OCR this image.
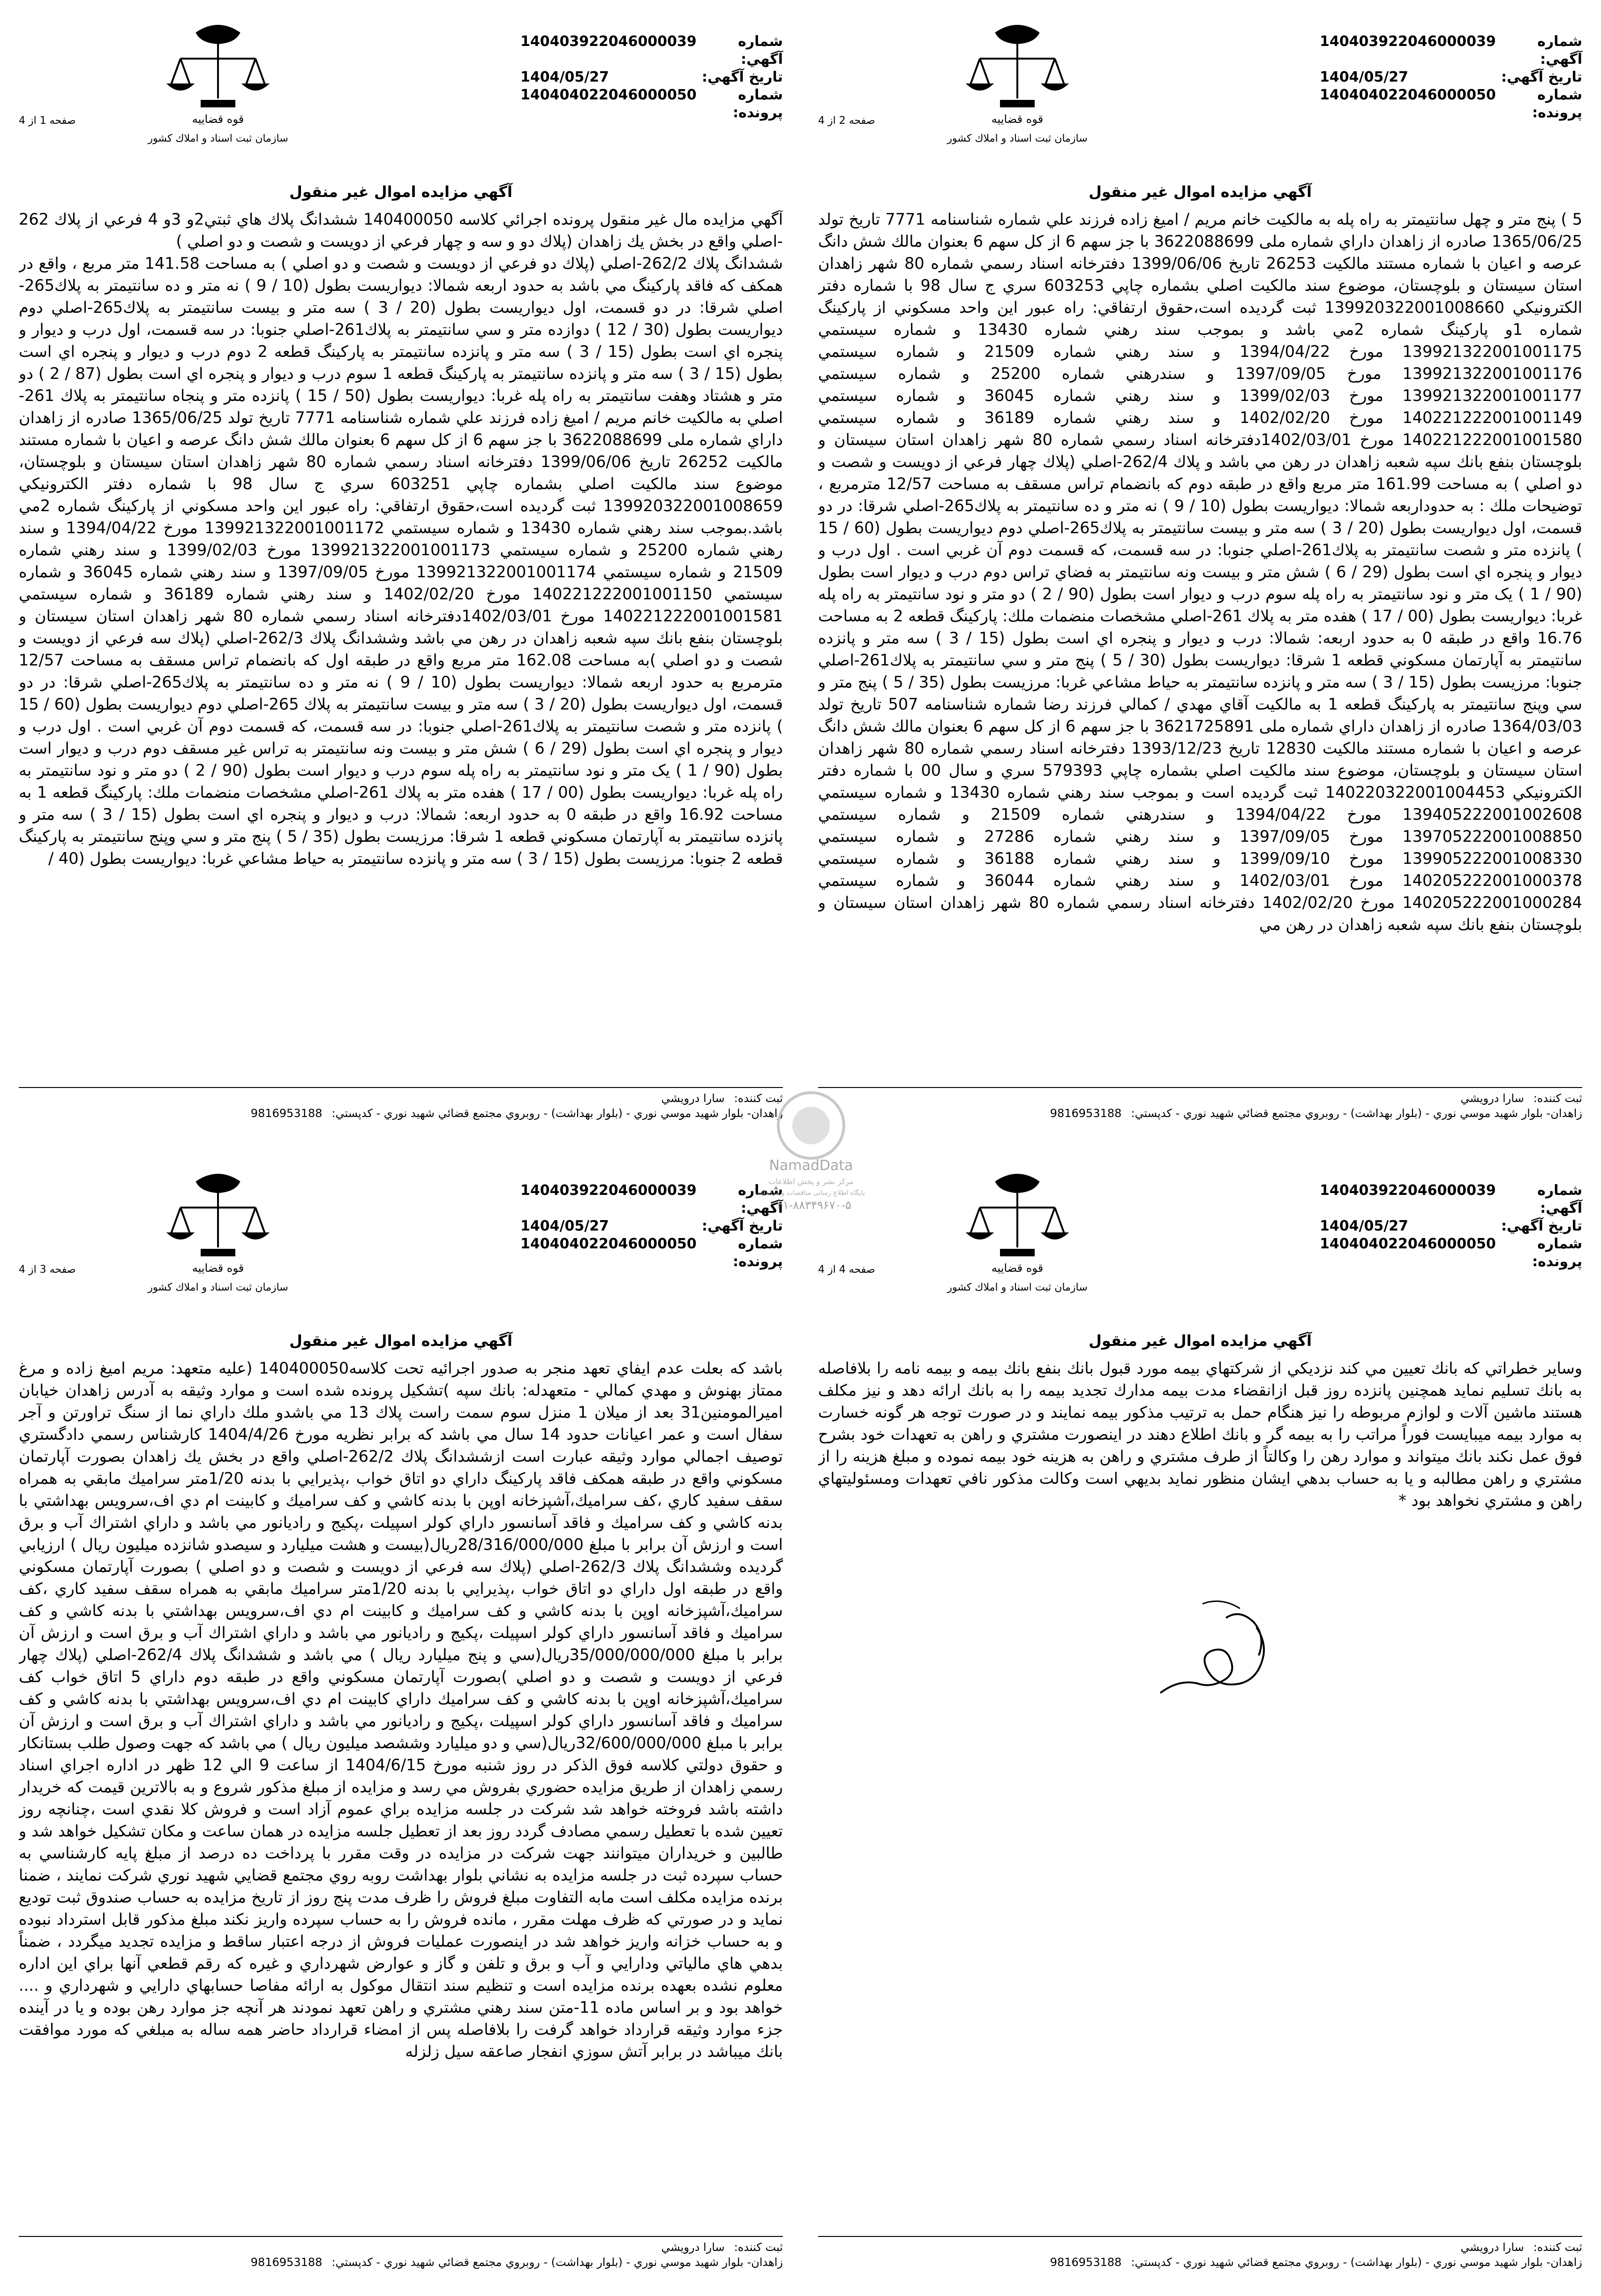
شماره آگهي:
140403922046000039
تاريخ آگهي:
1404/05/27
شماره پرونده:
140404022046000050
قوه قضاييه
سازمان ثبت اسناد و املاك كشور
صفحه 2 از 4
آگهي مزايده اموال غير منقول
5 ) پنج متر و چهل سانتيمتر به راه پله به مالكيت خانم مريم / امیغ زاده فرزند علي شماره شناسنامه 7771 تاريخ تولد 1365/06/25 صادره از زاهدان داراي شماره ملی 3622088699 با جز سهم 6 از كل سهم 6 بعنوان مالك شش دانگ عرصه و اعيان با شماره مستند مالكيت 26253 تاريخ 1399/06/06 دفترخانه اسناد رسمي شماره 80 شهر زاهدان استان سيستان و بلوچستان، موضوع سند مالكيت اصلي بشماره چاپي 603253 سري ج سال 98 با شماره دفتر الكترونيكي 139920322001008660 ثبت گرديده است،حقوق ارتفاقي: راه عبور اين واحد مسكوني از پاركينگ شماره 1و پاركينگ شماره 2مي باشد و بموجب سند رهني شماره 13430 و شماره سيستمي 139921322001001175 مورخ 1394/04/22 و سند رهني شماره 21509 و شماره سيستمي 139921322001001176 مورخ 1397/09/05 و سندرهني شماره 25200 و شماره سيستمي 139921322001001177 مورخ 1399/02/03 و سند رهني شماره 36045 و شماره سيستمي 140221222001001149 مورخ 1402/02/20 و سند رهني شماره 36189 و شماره سيستمي 140221222001001580 مورخ 1402/03/01دفترخانه اسناد رسمي شماره 80 شهر زاهدان استان سيستان و بلوچستان بنفع بانك سپه شعبه زاهدان در رهن مي باشد و پلاك 262/4-اصلي (پلاك چهار فرعي از دويست و شصت و دو اصلي ) به مساحت 161.99 متر مربع واقع در طبقه دوم كه بانضمام تراس مسقف به مساحت 12/57 مترمربع ، توضيحات ملك : به حدوداربعه شمالا: ديواريست بطول (10 / 9 ) نه متر و ده سانتيمتر به پلاك265-اصلي شرقا: در دو قسمت، اول ديواريست بطول (20 / 3 ) سه متر و بيست سانتيمتر به پلاك265-اصلي دوم ديواريست بطول (60 / 15 ) پانزده متر و شصت سانتيمتر به پلاك261-اصلي جنوبا: در سه قسمت، كه قسمت دوم آن غربي است . اول درب و ديوار و پنجره اي است بطول (29 / 6 ) شش متر و بيست ونه سانتيمتر به فضاي تراس دوم درب و ديوار است بطول (90 / 1 ) يک متر و نود سانتيمتر به راه پله سوم درب و ديوار است بطول (90 / 2 ) دو متر و نود سانتيمتر به راه پله غربا: ديواريست بطول (00 / 17 ) هفده متر به پلاك 261-اصلي مشخصات منضمات ملك: پاركينگ قطعه 2 به مساحت 16.76 واقع در طبقه 0 به حدود اربعه: شمالا: درب و ديوار و پنجره اي است بطول (15 / 3 ) سه متر و پانزده سانتيمتر به آپارتمان مسكوني قطعه 1 شرقا: ديواريست بطول (30 / 5 ) پنج متر و سي سانتيمتر به پلاك261-اصلي جنوبا: مرزيست بطول (15 / 3 ) سه متر و پانزده سانتيمتر به حياط مشاعي غربا: مرزيست بطول (35 / 5 ) پنج متر و سي وپنج سانتيمتر به پاركينگ قطعه 1 به مالكيت آقاي مهدي / كمالي فرزند رضا شماره شناسنامه 507 تاريخ تولد 1364/03/03 صادره از زاهدان داراي شماره ملی 3621725891 با جز سهم 6 از كل سهم 6 بعنوان مالك شش دانگ عرصه و اعيان با شماره مستند مالكيت 12830 تاريخ 1393/12/23 دفترخانه اسناد رسمي شماره 80 شهر زاهدان استان سيستان و بلوچستان، موضوع سند مالكيت اصلي بشماره چاپي 579393 سري و سال 00 با شماره دفتر الكترونيكي 140220322001004453 ثبت گرديده است و بموجب سند رهني شماره 13430 و شماره سيستمي 139405222001002608 مورخ 1394/04/22 و سندرهني شماره 21509 و شماره سيستمي 139705222001008850 مورخ 1397/09/05 و سند رهني شماره 27286 و شماره سيستمي 139905222001008330 مورخ 1399/09/10 و سند رهني شماره 36188 و شماره سيستمي 140205222001000378 مورخ 1402/03/01 و سند رهني شماره 36044 و شماره سيستمي 140205222001000284 مورخ 1402/02/20 دفترخانه اسناد رسمي شماره 80 شهر زاهدان استان سيستان و بلوچستان بنفع بانك سپه شعبه زاهدان در رهن مي
ثبت كننده:
سارا درويشي
زاهدان- بلوار شهيد موسي نوري - (بلوار بهداشت) - روبروي مجتمع قضائي شهيد نوري - كدپستي:
9816953188
شماره آگهي:
140403922046000039
تاريخ آگهي:
1404/05/27
شماره پرونده:
140404022046000050
قوه قضاييه
سازمان ثبت اسناد و املاك كشور
صفحه 1 از 4
آگهي مزايده اموال غير منقول
آگهي مزايده مال غير منقول پرونده اجرائي كلاسه 140400050 ششدانگ پلاك هاي ثبتي2و 3و 4 فرعي از پلاك 262 -اصلي واقع در بخش يك زاهدان (پلاك دو و سه و چهار فرعي از دويست و شصت و دو اصلي )
ششدانگ پلاك 262/2-اصلي (پلاك دو فرعي از دويست و شصت و دو اصلي ) به مساحت 141.58 متر مربع ، واقع در همكف كه فاقد پاركينگ مي باشد به حدود اربعه شمالا: ديواريست بطول (10 / 9 ) نه متر و ده سانتيمتر به پلاك265-اصلي شرقا: در دو قسمت، اول ديواريست بطول (20 / 3 ) سه متر و بيست سانتيمتر به پلاك265-اصلي دوم ديواريست بطول (30 / 12 ) دوازده متر و سي سانتيمتر به پلاك261-اصلي جنوبا: در سه قسمت، اول درب و ديوار و پنجره اي است بطول (15 / 3 ) سه متر و پانزده سانتيمتر به پاركينگ قطعه 2 دوم درب و ديوار و پنجره اي است بطول (15 / 3 ) سه متر و پانزده سانتيمتر به پاركينگ قطعه 1 سوم درب و ديوار و پنجره اي است بطول (87 / 2 ) دو متر و هشتاد وهفت سانتيمتر به راه پله غربا: ديواريست بطول (50 / 15 ) پانزده متر و پنجاه سانتيمتر به پلاك 261-اصلي به مالكيت خانم مريم / امیغ زاده فرزند علي شماره شناسنامه 7771 تاريخ تولد 1365/06/25 صادره از زاهدان داراي شماره ملی 3622088699 با جز سهم 6 از كل سهم 6 بعنوان مالك شش دانگ عرصه و اعيان با شماره مستند مالكيت 26252 تاريخ 1399/06/06 دفترخانه اسناد رسمي شماره 80 شهر زاهدان استان سيستان و بلوچستان، موضوع سند مالكيت اصلي بشماره چاپي 603251 سري ج سال 98 با شماره دفتر الكترونيكي 139920322001008659 ثبت گرديده است،حقوق ارتفاقي: راه عبور اين واحد مسكوني از پاركينگ شماره 2مي باشد.بموجب سند رهني شماره 13430 و شماره سيستمي 139921322001001172 مورخ 1394/04/22 و سند رهني شماره 25200 و شماره سيستمي 139921322001001173 مورخ 1399/02/03 و سند رهني شماره 21509 و شماره سيستمي 139921322001001174 مورخ 1397/09/05 و سند رهني شماره 36045 و شماره سيستمي 140221222001001150 مورخ 1402/02/20 و سند رهني شماره 36189 و شماره سيستمي 140221222001001581 مورخ 1402/03/01دفترخانه اسناد رسمي شماره 80 شهر زاهدان استان سيستان و بلوچستان بنفع بانك سپه شعبه زاهدان در رهن مي باشد وششدانگ پلاك 262/3-اصلي (پلاك سه فرعي از دويست و شصت و دو اصلي )به مساحت 162.08 متر مربع واقع در طبقه اول كه بانضمام تراس مسقف به مساحت 12/57 مترمربع به حدود اربعه شمالا: ديواريست بطول (10 / 9 ) نه متر و ده سانتيمتر به پلاك265-اصلي شرقا: در دو قسمت، اول ديواريست بطول (20 / 3 ) سه متر و بيست سانتيمتر به پلاك 265-اصلي دوم ديواريست بطول (60 / 15 ) پانزده متر و شصت سانتيمتر به پلاك261-اصلي جنوبا: در سه قسمت، كه قسمت دوم آن غربي است . اول درب و ديوار و پنجره اي است بطول (29 / 6 ) شش متر و بيست ونه سانتيمتر به تراس غير مسقف دوم درب و ديوار است بطول (90 / 1 ) يک متر و نود سانتيمتر به راه پله سوم درب و ديوار است بطول (90 / 2 ) دو متر و نود سانتيمتر به راه پله غربا: ديواريست بطول (00 / 17 ) هفده متر به پلاك 261-اصلي مشخصات منضمات ملك: پاركينگ قطعه 1 به مساحت 16.92 واقع در طبقه 0 به حدود اربعه: شمالا: درب و ديوار و پنجره اي است بطول (15 / 3 ) سه متر و پانزده سانتيمتر به آپارتمان مسكوني قطعه 1 شرقا: مرزيست بطول (35 / 5 ) پنج متر و سي وپنج سانتيمتر به پاركينگ قطعه 2 جنوبا: مرزيست بطول (15 / 3 ) سه متر و پانزده سانتيمتر به حياط مشاعي غربا: ديواريست بطول (40 /
ثبت كننده:
سارا درويشي
زاهدان- بلوار شهيد موسي نوري - (بلوار بهداشت) - روبروي مجتمع قضائي شهيد نوري - كدپستي:
9816953188
شماره آگهي:
140403922046000039
تاريخ آگهي:
1404/05/27
شماره پرونده:
140404022046000050
قوه قضاييه
سازمان ثبت اسناد و املاك كشور
صفحه 4 از 4
آگهي مزايده اموال غير منقول
وساير خطراتي كه بانك تعيين مي كند نزديكي از شركتهاي بيمه مورد قبول بانك بنفع بانك بيمه و بيمه نامه را بلافاصله به بانك تسليم نمايد همچنين پانزده روز قبل ازانقضاء مدت بيمه مدارك تجديد بيمه را به بانك ارائه دهد و نيز مكلف هستند ماشين آلات و لوازم مربوطه را نيز هنگام حمل به ترتيب مذكور بيمه نمايند و در صورت توجه هر گونه خسارت به موارد بيمه ميبايست فوراً مراتب را به بيمه گر و بانك اطلاع دهند در اينصورت مشتري و راهن به تعهدات خود بشرح فوق عمل نكند بانك ميتواند و موارد رهن را وكالتاً از طرف مشتري و راهن به هزينه خود بيمه نموده و مبلغ هزينه را از مشتري و راهن مطالبه و يا به حساب بدهي ايشان منظور نمايد بديهي است وكالت مذكور نافي تعهدات ومسئوليتهاي راهن و مشتري نخواهد بود *
ثبت كننده:
سارا درويشي
زاهدان- بلوار شهيد موسي نوري - (بلوار بهداشت) - روبروي مجتمع قضائي شهيد نوري - كدپستي:
9816953188
شماره آگهي:
140403922046000039
تاريخ آگهي:
1404/05/27
شماره پرونده:
140404022046000050
قوه قضاييه
سازمان ثبت اسناد و املاك كشور
صفحه 3 از 4
آگهي مزايده اموال غير منقول
باشد كه بعلت عدم ايفاي تعهد منجر به صدور اجرائيه تحت كلاسه140400050 (عليه متعهد: مريم امیغ زاده و مرغ ممتاز بهنوش و مهدي كمالي - متعهدله: بانك سپه )تشكيل پرونده شده است و موارد وثيقه به آدرس زاهدان خيابان اميرالمومنين31 بعد از ميلان 1 منزل سوم سمت راست پلاك 13 مي باشدو ملك داراي نما از سنگ تراورتن و آجر سفال است و عمر اعيانات حدود 14 سال مي باشد كه برابر نظريه مورخ 1404/4/26 كارشناس رسمي دادگستري توصيف اجمالي موارد وثيقه عبارت است ازششدانگ پلاك 262/2-اصلي واقع در بخش يك زاهدان بصورت آپارتمان مسكوني واقع در طبقه همكف فاقد پاركينگ داراي دو اتاق خواب ،پذيرايي با بدنه 1/20متر سراميك مابقي به همراه سقف سفيد كاري ،كف سراميك،آشپزخانه اوپن با بدنه كاشي و كف سراميك و كابينت ام دي اف،سرويس بهداشتي با بدنه كاشي و كف سراميك و فاقد آسانسور داراي كولر اسپيلت ،پكيج و راديانور مي باشد و داراي اشتراك آب و برق است و ارزش آن برابر با مبلغ 28/316/000/000ريال(بيست و هشت ميليارد و سيصدو شانزده ميليون ريال ) ارزيابي گرديده وششدانگ پلاك 262/3-اصلي (پلاك سه فرعي از دويست و شصت و دو اصلي ) بصورت آپارتمان مسكوني واقع در طبقه اول داراي دو اتاق خواب ،پذيرايي با بدنه 1/20متر سراميك مابقي به همراه سقف سفيد كاري ،كف سراميك،آشپزخانه اوپن با بدنه كاشي و كف سراميك و كابينت ام دي اف،سرويس بهداشتي با بدنه كاشي و كف سراميك و فاقد آسانسور داراي كولر اسپيلت ،پكيج و راديانور مي باشد و داراي اشتراك آب و برق است و ارزش آن برابر با مبلغ 35/000/000/000ريال(سي و پنج ميليارد ريال ) مي باشد و ششدانگ پلاك 262/4-اصلي (پلاك چهار فرعي از دويست و شصت و دو اصلي )بصورت آپارتمان مسكوني واقع در طبقه دوم داراي 5 اتاق خواب كف سراميك،آشپزخانه اوپن با بدنه كاشي و كف سراميك داراي كابينت ام دي اف،سرويس بهداشتي با بدنه كاشي و كف سراميك و فاقد آسانسور داراي كولر اسپيلت ،پكيج و راديانور مي باشد و داراي اشتراك آب و برق است و ارزش آن برابر با مبلغ 32/600/000/000ريال(سي و دو ميليارد وششصد ميليون ريال ) مي باشد كه جهت وصول طلب بستانكار و حقوق دولتي كلاسه فوق الذكر در روز شنبه مورخ 1404/6/15 از ساعت 9 الي 12 ظهر در اداره اجراي اسناد رسمي زاهدان از طريق مزايده حضوري بفروش مي رسد و مزايده از مبلغ مذكور شروع و به بالاترين قيمت كه خريدار داشته باشد فروخته خواهد شد شركت در جلسه مزايده براي عموم آزاد است و فروش كلا نقدي است ،چنانچه روز تعيين شده با تعطيل رسمي مصادف گردد روز بعد از تعطيل جلسه مزايده در همان ساعت و مكان تشكيل خواهد شد و طالبين و خريداران ميتوانند جهت شركت در مزايده در وقت مقرر با پرداخت ده درصد از مبلغ پايه كارشناسي به حساب سپرده ثبت در جلسه مزايده به نشاني بلوار بهداشت روبه روي مجتمع قضايي شهيد نوري شركت نمايند ، ضمنا برنده مزايده مكلف است مابه التفاوت مبلغ فروش را ظرف مدت پنج روز از تاريخ مزايده به حساب صندوق ثبت توديع نمايد و در صورتي كه ظرف مهلت مقرر ، مانده فروش را به حساب سپرده واريز نكند مبلغ مذكور قابل استرداد نبوده و به حساب خزانه واريز خواهد شد در اينصورت عمليات فروش از درجه اعتبار ساقط و مزايده تجديد ميگردد ، ضمناً بدهي هاي مالياتي ودارايي و آب و برق و تلفن و گاز و عوارض شهرداري و غيره كه رقم قطعي آنها براي اين اداره معلوم نشده بعهده برنده مزايده است و تنظيم سند انتقال موكول به ارائه مفاصا حسابهاي دارايي و شهرداري و .... خواهد بود و بر اساس ماده 11-متن سند رهني مشتري و راهن تعهد نمودند هر آنچه جز موارد رهن بوده و يا در آينده جزء موارد وثيقه قرارداد خواهد گرفت را بلافاصله پس از امضاء قرارداد حاضر همه ساله به مبلغي كه مورد موافقت بانك ميباشد در برابر آتش سوزي انفجار صاعقه سيل زلزله
ثبت كننده:
سارا درويشي
زاهدان- بلوار شهيد موسي نوري - (بلوار بهداشت) - روبروي مجتمع قضائي شهيد نوري - كدپستي:
9816953188
NamadData
مرکز نشر و پخش اطلاعات
پایگاه اطلاع رسانی مناقصات و مزایدات
۰۲۱-۸۸۳۴۹۶۷۰-۵
